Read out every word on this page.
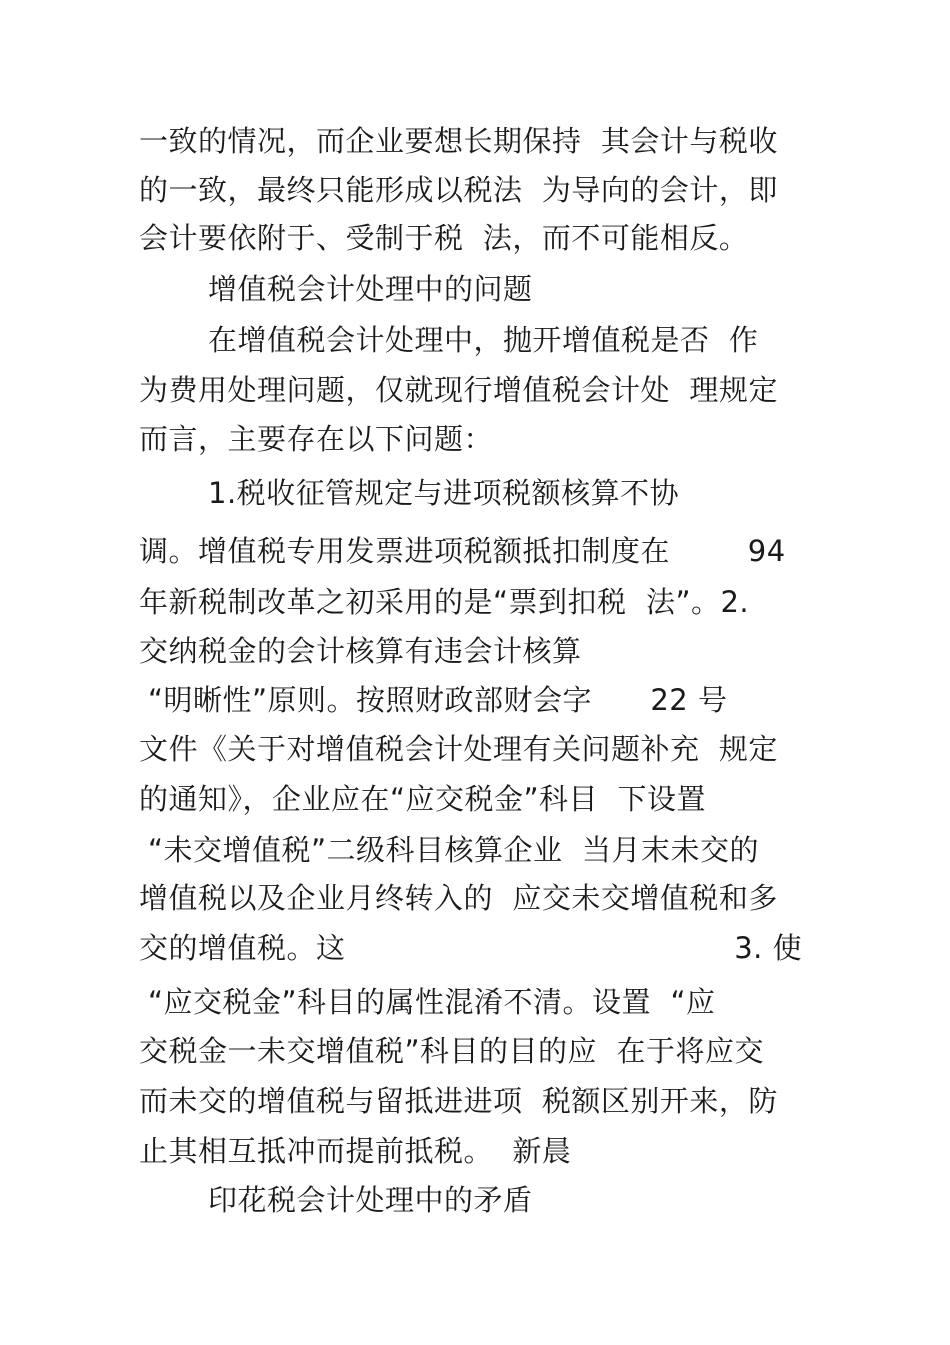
一致的情况，而企业要想长期保持  其会计与税收
的一致，最终只能形成以税法  为导向的会计，即
会计要依附于、受制于税  法，而不可能相反。
增值税会计处理中的问题
在增值税会计处理中，抛开增值税是否  作
为费用处理问题，仅就现行增值税会计处  理规定
而言，主要存在以下问题：
1.税收征管规定与进项税额核算不协
调。增值税专用发票进项税额抵扣制度在        94
年新税制改革之初采用的是“票到扣税  法”。2.
交纳税金的会计核算有违会计核算
“明晰性”原则。按照财政部财会字      22 号
文件《关于对增值税会计处理有关问题补充  规定
的通知》，企业应在“应交税金”科目  下设置
“未交增值税”二级科目核算企业  当月末未交的
增值税以及企业月终转入的  应交未交增值税和多
交的增值税。这                                        3. 使
“应交税金”科目的属性混淆不清。设置  “应
交税金一未交增值税”科目的目的应  在于将应交
而未交的增值税与留抵进进项  税额区别开来，防
止其相互抵冲而提前抵税。  新晨
印花税会计处理中的矛盾
